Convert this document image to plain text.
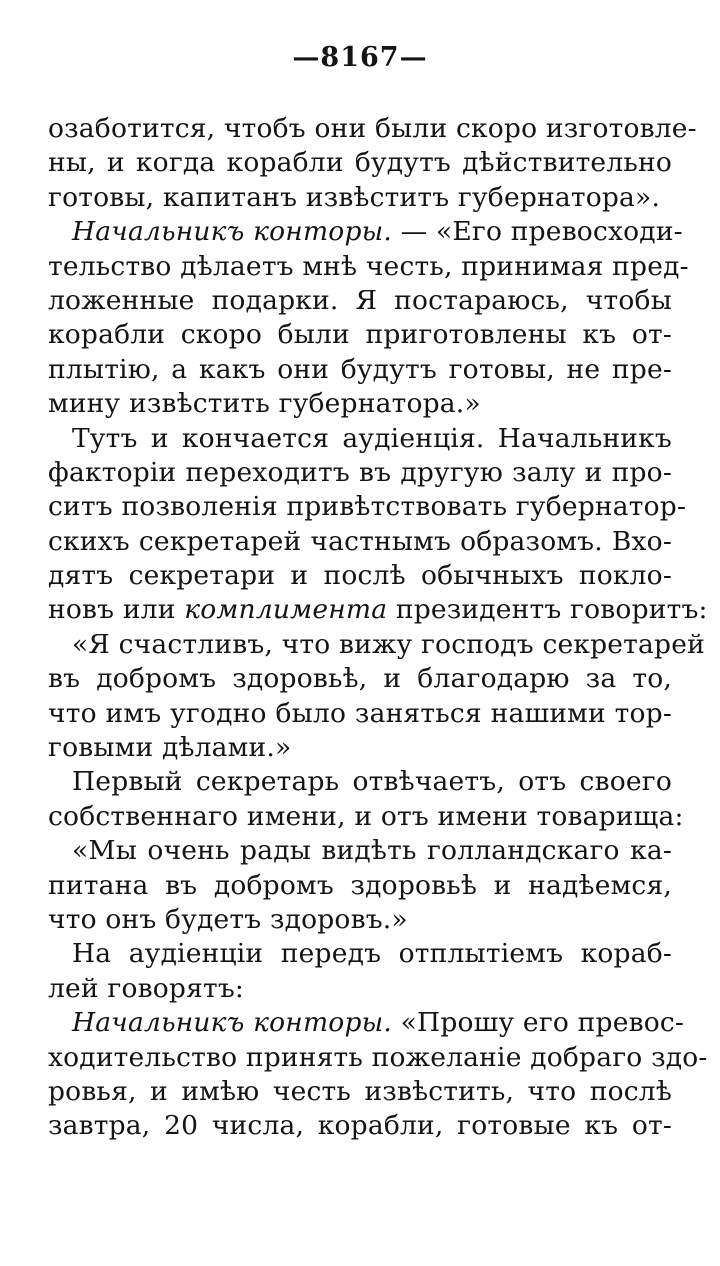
—8167—
озаботится, чтобъ они были скоро изготовле-
ны, и когда корабли будутъ дѣйствительно
готовы, капитанъ извѣститъ губернатора».
Начальникъ конторы. — «Его превосходи-
тельство дѣлаетъ мнѣ честь, принимая пред-
ложенные подарки. Я постараюсь, чтобы
корабли скоро были приготовлены къ от-
плытію, а какъ они будутъ готовы, не пре-
мину извѣстить губернатора.»
Тутъ и кончается аудіенція. Начальникъ
факторіи переходитъ въ другую залу и про-
ситъ позволенія привѣтствовать губернатор-
скихъ секретарей частнымъ образомъ. Вхо-
дятъ секретари и послѣ обычныхъ покло-
новъ или комплимента президентъ говоритъ:
«Я счастливъ, что вижу господъ секретарей
въ добромъ здоровьѣ, и благодарю за то,
что имъ угодно было заняться нашими тор-
говыми дѣлами.»
Первый секретарь отвѣчаетъ, отъ своего
собственнаго имени, и отъ имени товарища:
«Мы очень рады видѣть голландскаго ка-
питана въ добромъ здоровьѣ и надѣемся,
что онъ будетъ здоровъ.»
На аудіенціи передъ отплытіемъ кораб-
лей говорятъ:
Начальникъ конторы. «Прошу его превос-
ходительство принять пожеланіе добраго здо-
ровья, и имѣю честь извѣстить, что послѣ
завтра, 20 числа, корабли, готовые къ от-
